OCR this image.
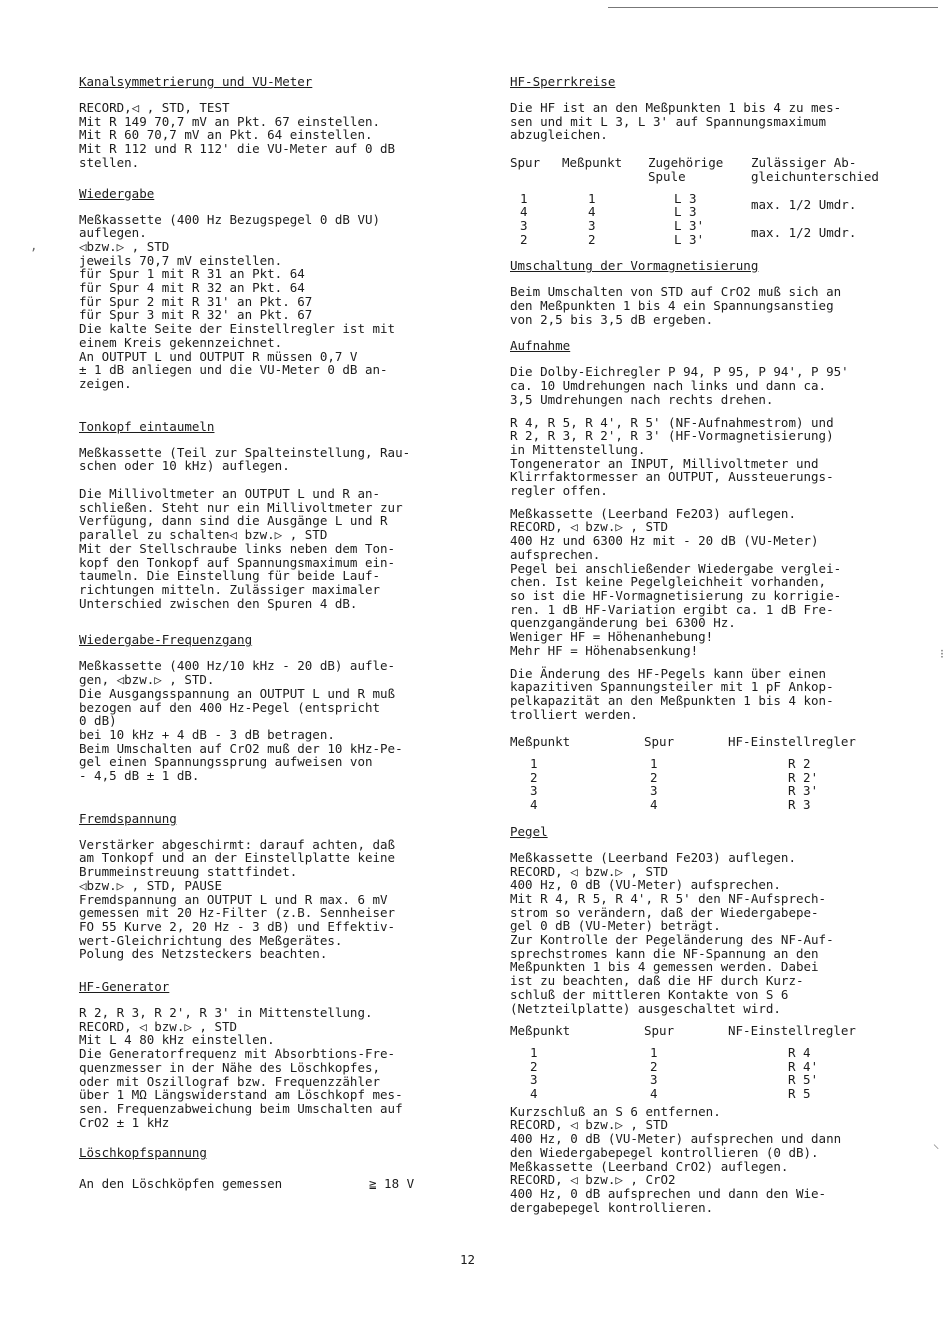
,
⁝
⸜
Kanalsymmetrierung und VU-Meter
RECORD,◁ , STD, TEST
Mit R 149 70,7 mV an Pkt. 67 einstellen.
Mit R 60 70,7 mV an Pkt. 64 einstellen.
Mit R 112 und R 112' die VU-Meter auf 0 dB
stellen.
Wiedergabe
Meßkassette (400 Hz Bezugspegel 0 dB VU)
auflegen.
◁bzw.▷ , STD
jeweils 70,7 mV einstellen.
für Spur 1 mit R 31 an Pkt. 64
für Spur 4 mit R 32 an Pkt. 64
für Spur 2 mit R 31' an Pkt. 67
für Spur 3 mit R 32' an Pkt. 67
Die kalte Seite der Einstellregler ist mit
einem Kreis gekennzeichnet.
An OUTPUT L und OUTPUT R müssen 0,7 V
± 1 dB anliegen und die VU-Meter 0 dB an-
zeigen.
Tonkopf eintaumeln
Meßkassette (Teil zur Spalteinstellung, Rau-
schen oder 10 kHz) auflegen.
Die Millivoltmeter an OUTPUT L und R an-
schließen. Steht nur ein Millivoltmeter zur
Verfügung, dann sind die Ausgänge L und R
parallel zu schalten◁ bzw.▷ , STD
Mit der Stellschraube links neben dem Ton-
kopf den Tonkopf auf Spannungsmaximum ein-
taumeln. Die Einstellung für beide Lauf-
richtungen mitteln. Zulässiger maximaler
Unterschied zwischen den Spuren 4 dB.
Wiedergabe-Frequenzgang
Meßkassette (400 Hz/10 kHz - 20 dB) aufle-
gen, ◁bzw.▷ , STD.
Die Ausgangsspannung an OUTPUT L und R muß
bezogen auf den 400 Hz-Pegel (entspricht
0 dB)
bei 10 kHz + 4 dB - 3 dB betragen.
Beim Umschalten auf CrO2 muß der 10 kHz-Pe-
gel einen Spannungssprung aufweisen von
- 4,5 dB ± 1 dB.
Fremdspannung
Verstärker abgeschirmt: darauf achten, daß
am Tonkopf und an der Einstellplatte keine
Brummeinstreuung stattfindet.
◁bzw.▷ , STD, PAUSE
Fremdspannung an OUTPUT L und R max. 6 mV
gemessen mit 20 Hz-Filter (z.B. Sennheiser
FO 55 Kurve 2, 20 Hz - 3 dB) und Effektiv-
wert-Gleichrichtung des Meßgerätes.
Polung des Netzsteckers beachten.
HF-Generator
R 2, R 3, R 2', R 3' in Mittenstellung.
RECORD, ◁ bzw.▷ , STD
Mit L 4 80 kHz einstellen.
Die Generatorfrequenz mit Absorbtions-Fre-
quenzmesser in der Nähe des Löschkopfes,
oder mit Oszillograf bzw. Frequenzzähler
über 1 MΩ Längswiderstand am Löschkopf mes-
sen. Frequenzabweichung beim Umschalten auf
CrO2 ± 1 kHz
Löschkopfspannung
An den Löschköpfen gemessen	≧ 18 V
HF-Sperrkreise
Die HF ist an den Meßpunkten 1 bis 4 zu mes-
sen und mit L 3, L 3' auf Spannungsmaximum
abzugleichen.
Spur	Meßpunkt	Zugehörige
Spule	Zulässiger Ab-
gleichunterschied

1	1	L 3	max. 1/2 Umdr.
4	4	L 3	
3	3	L 3'	max. 1/2 Umdr.
2	2	L 3'	
Umschaltung der Vormagnetisierung
Beim Umschalten von STD auf CrO2 muß sich an
den Meßpunkten 1 bis 4 ein Spannungsanstieg
von 2,5 bis 3,5 dB ergeben.
Aufnahme
Die Dolby-Eichregler P 94, P 95, P 94', P 95'
ca. 10 Umdrehungen nach links und dann ca.
3,5 Umdrehungen nach rechts drehen.
R 4, R 5, R 4', R 5' (NF-Aufnahmestrom) und
R 2, R 3, R 2', R 3' (HF-Vormagnetisierung)
in Mittenstellung.
Tongenerator an INPUT, Millivoltmeter und
Klirrfaktormesser an OUTPUT, Aussteuerungs-
regler offen.
Meßkassette (Leerband Fe2O3) auflegen.
RECORD, ◁ bzw.▷ , STD
400 Hz und 6300 Hz mit - 20 dB (VU-Meter)
aufsprechen.
Pegel bei anschließender Wiedergabe verglei-
chen. Ist keine Pegelgleichheit vorhanden,
so ist die HF-Vormagnetisierung zu korrigie-
ren. 1 dB HF-Variation ergibt ca. 1 dB Fre-
quenzgangänderung bei 6300 Hz.
Weniger HF = Höhenanhebung!
Mehr HF = Höhenabsenkung!
Die Änderung des HF-Pegels kann über einen
kapazitiven Spannungsteiler mit 1 pF Ankop-
pelkapazität an den Meßpunkten 1 bis 4 kon-
trolliert werden.
Meßpunkt	Spur	HF-Einstellregler

1	1	R 2
2	2	R 2'
3	3	R 3'
4	4	R 3
Pegel
Meßkassette (Leerband Fe2O3) auflegen.
RECORD, ◁ bzw.▷ , STD
400 Hz, 0 dB (VU-Meter) aufsprechen.
Mit R 4, R 5, R 4', R 5' den NF-Aufsprech-
strom so verändern, daß der Wiedergabepe-
gel 0 dB (VU-Meter) beträgt.
Zur Kontrolle der Pegeländerung des NF-Auf-
sprechstromes kann die NF-Spannung an den
Meßpunkten 1 bis 4 gemessen werden. Dabei
ist zu beachten, daß die HF durch Kurz-
schluß der mittleren Kontakte von S 6
(Netzteilplatte) ausgeschaltet wird.
Meßpunkt	Spur	NF-Einstellregler

1	1	R 4
2	2	R 4'
3	3	R 5'
4	4	R 5
Kurzschluß an S 6 entfernen.
RECORD, ◁ bzw.▷ , STD
400 Hz, 0 dB (VU-Meter) aufsprechen und dann
den Wiedergabepegel kontrollieren (0 dB).
Meßkassette (Leerband CrO2) auflegen.
RECORD, ◁ bzw.▷ , CrO2
400 Hz, 0 dB aufsprechen und dann den Wie-
dergabepegel kontrollieren.
12
